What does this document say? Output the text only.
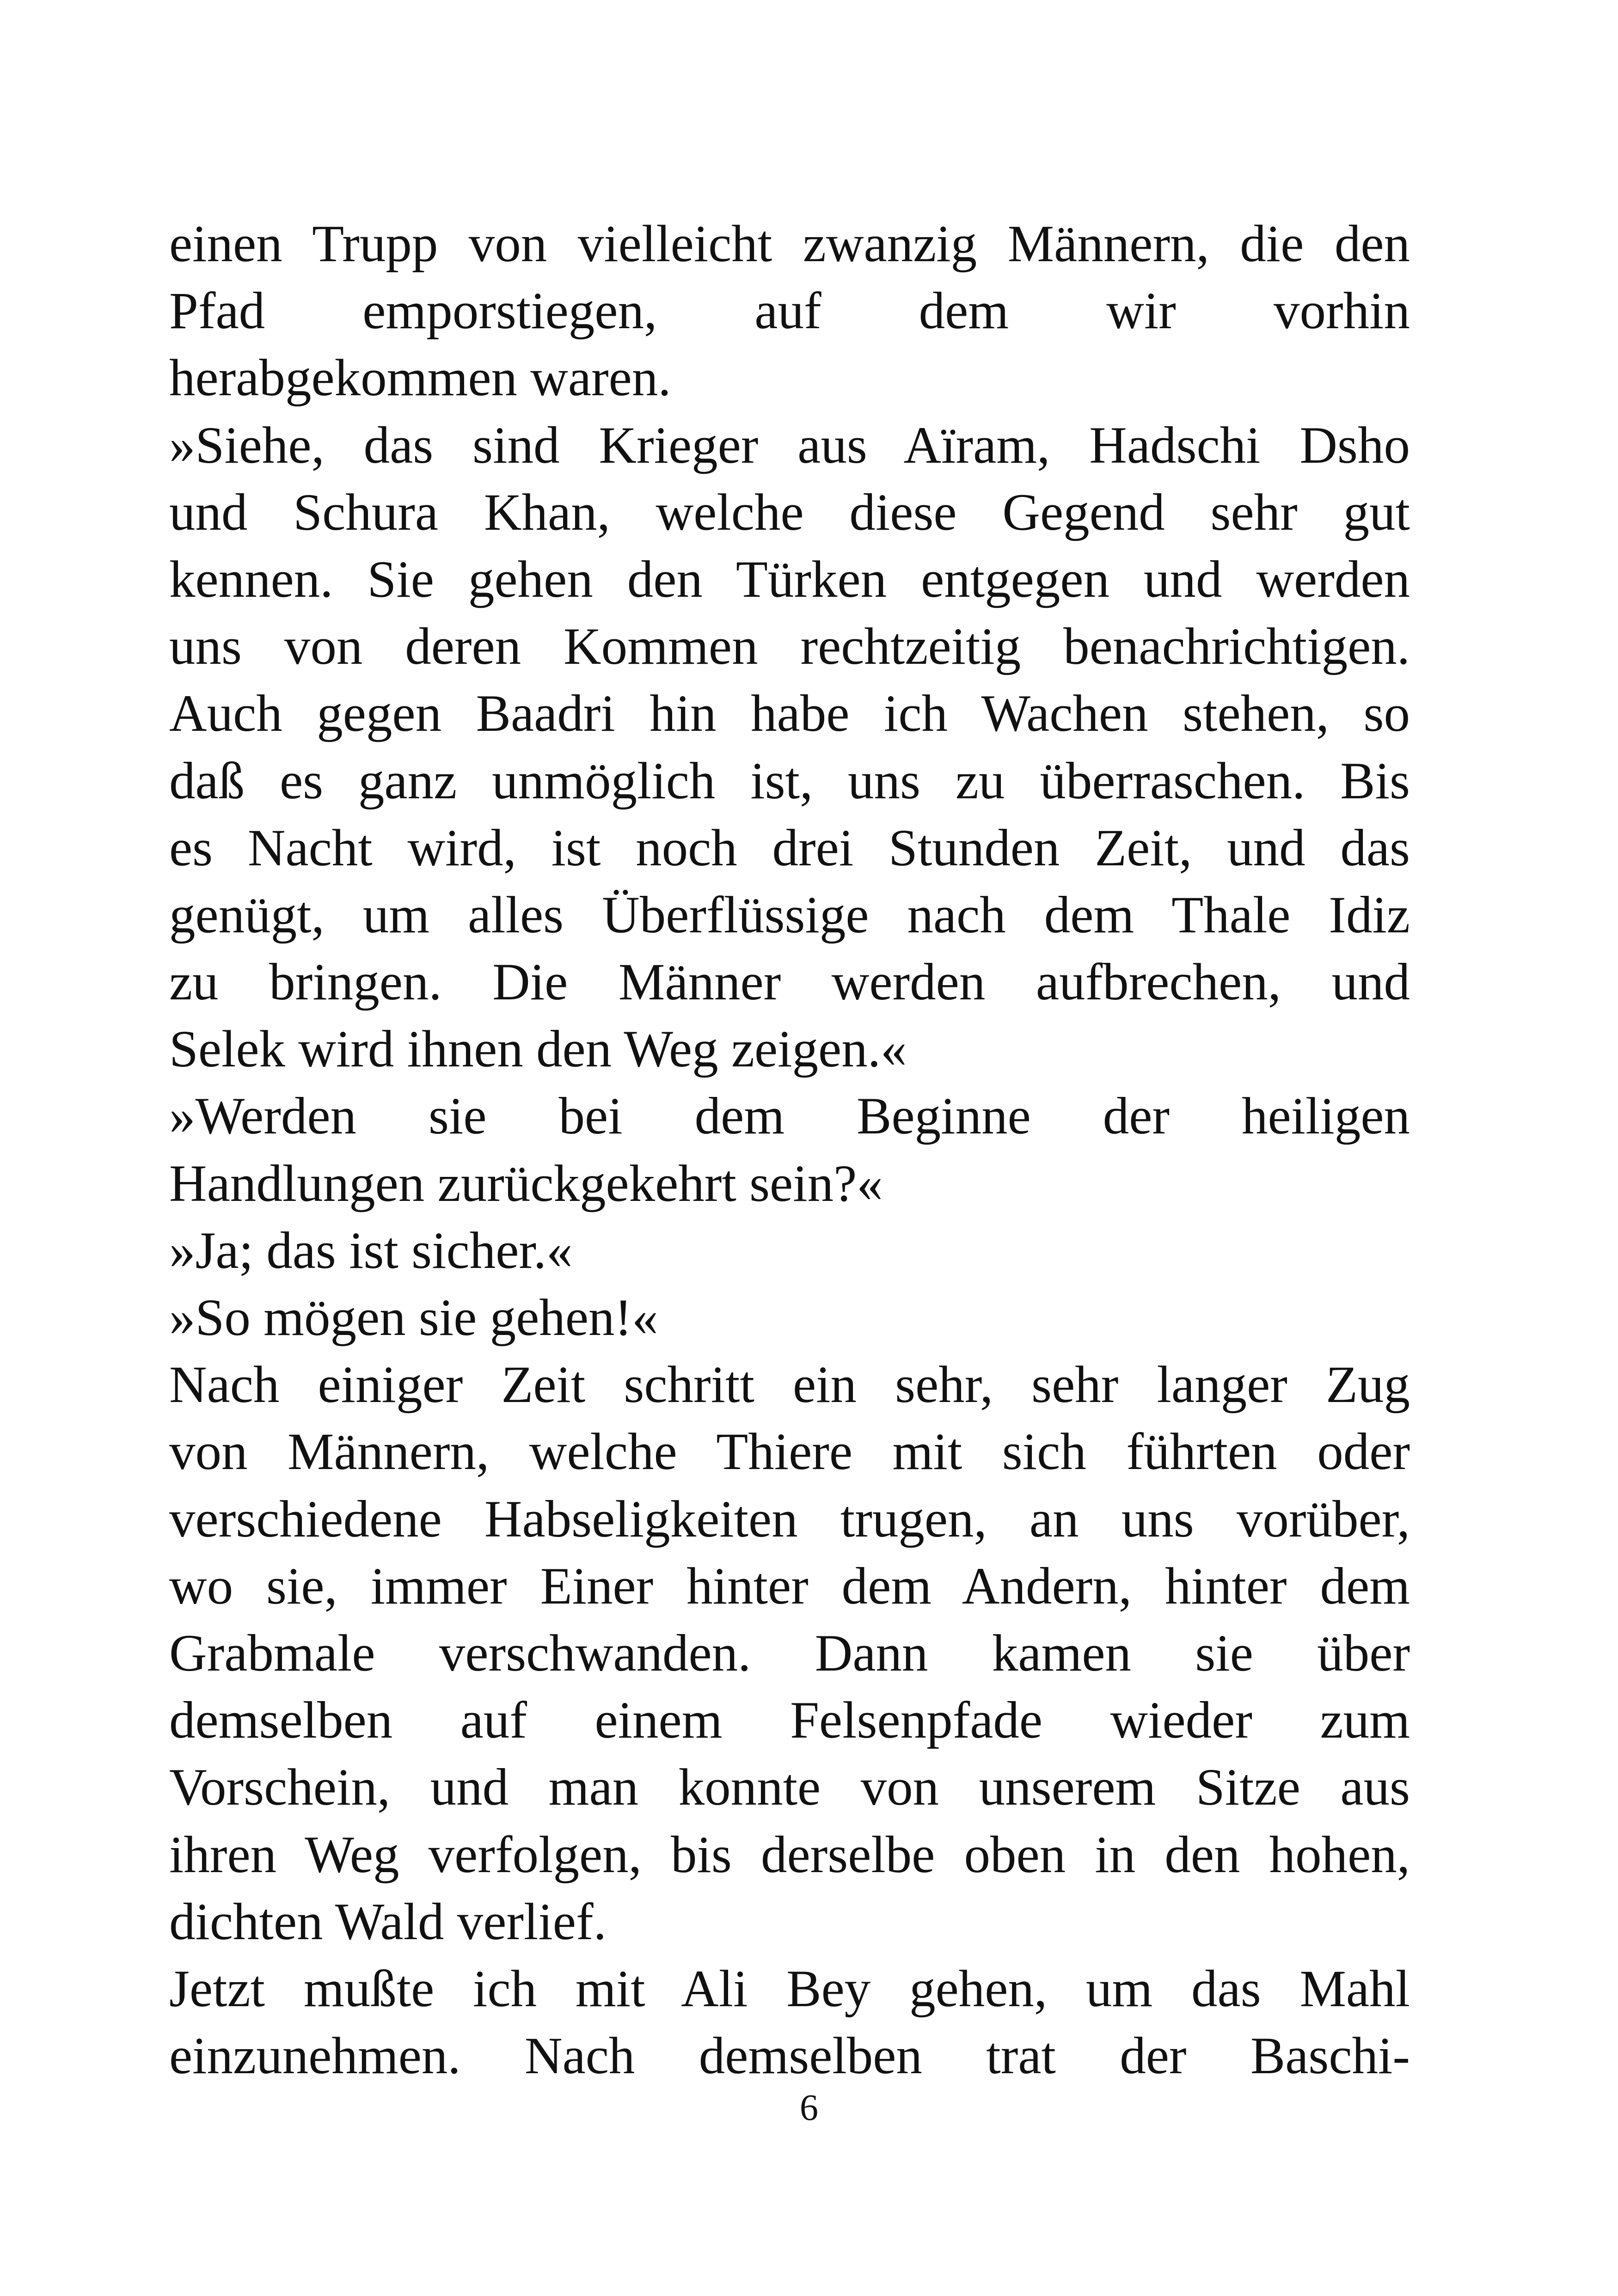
einen Trupp von vielleicht zwanzig Männern, die den
Pfad emporstiegen, auf dem wir vorhin
herabgekommen waren.
»Siehe, das sind Krieger aus Aïram, Hadschi Dsho
und Schura Khan, welche diese Gegend sehr gut
kennen. Sie gehen den Türken entgegen und werden
uns von deren Kommen rechtzeitig benachrichtigen.
Auch gegen Baadri hin habe ich Wachen stehen, so
daß es ganz unmöglich ist, uns zu überraschen. Bis
es Nacht wird, ist noch drei Stunden Zeit, und das
genügt, um alles Überflüssige nach dem Thale Idiz
zu bringen. Die Männer werden aufbrechen, und
Selek wird ihnen den Weg zeigen.«
»Werden sie bei dem Beginne der heiligen
Handlungen zurückgekehrt sein?«
»Ja; das ist sicher.«
»So mögen sie gehen!«
Nach einiger Zeit schritt ein sehr, sehr langer Zug
von Männern, welche Thiere mit sich führten oder
verschiedene Habseligkeiten trugen, an uns vorüber,
wo sie, immer Einer hinter dem Andern, hinter dem
Grabmale verschwanden. Dann kamen sie über
demselben auf einem Felsenpfade wieder zum
Vorschein, und man konnte von unserem Sitze aus
ihren Weg verfolgen, bis derselbe oben in den hohen,
dichten Wald verlief.
Jetzt mußte ich mit Ali Bey gehen, um das Mahl
einzunehmen. Nach demselben trat der Baschi-
6
